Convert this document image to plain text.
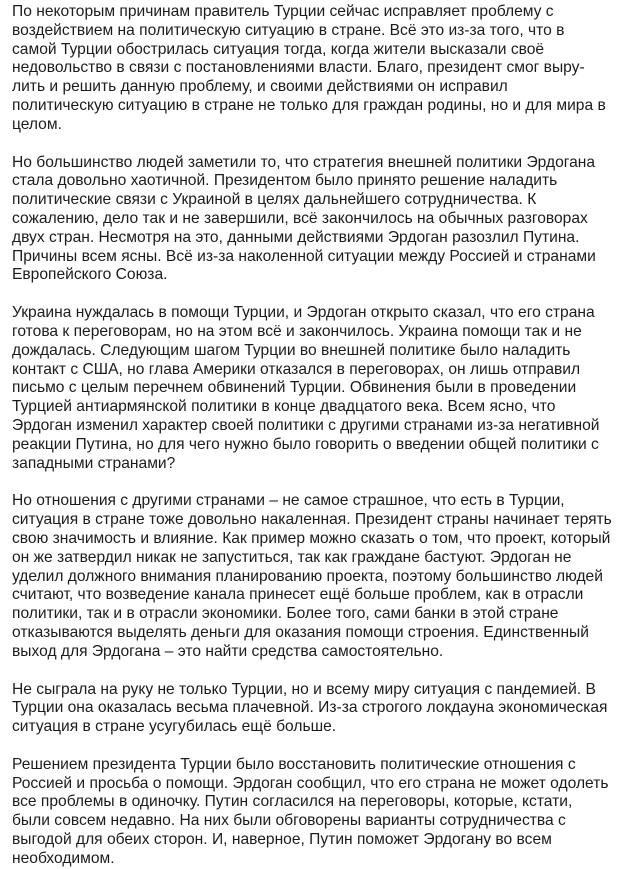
По некоторым причинам правитель Турции сейчас исправляет проблему с воздействием на политическую ситуацию в стране. Всё это из-за того, что в самой Турции обострилась ситуация тогда, когда жители высказали своё недовольство в связи с постановлениями власти. Благо, президент смог вырулить и решить данную проблему, и своими действиями он исправил политическую ситуацию в стране не только для граждан родины, но и для мира в целом.

Но большинство людей заметили то, что стратегия внешней политики Эрдогана стала довольно хаотичной. Президентом было принято решение наладить политические связи с Украиной в целях дальнейшего сотрудничества. К сожалению, дело так и не завершили, всё закончилось на обычных разговорах двух стран. Несмотря на это, данными действиями Эрдоган разозлил Путина. Причины всем ясны. Всё из-за наколенной ситуации между Россией и странами Европейского Союза.

Украина нуждалась в помощи Турции, и Эрдоган открыто сказал, что его страна готова к переговорам, но на этом всё и закончилось. Украина помощи так и не дождалась. Следующим шагом Турции во внешней политике было наладить контакт с США, но глава Америки отказался в переговорах, он лишь отправил письмо с целым перечнем обвинений Турции. Обвинения были в проведении Турцией антиармянской политики в конце двадцатого века. Всем ясно, что Эрдоган изменил характер своей политики с другими странами из-за негативной реакции Путина, но для чего нужно было говорить о введении общей политики с западными странами?

Но отношения с другими странами – не самое страшное, что есть в Турции, ситуация в стране тоже довольно накаленная. Президент страны начинает терять свою значимость и влияние. Как пример можно сказать о том, что проект, который он же затвердил никак не запуститься, так как граждане бастуют. Эрдоган не уделил должного внимания планированию проекта, поэтому большинство людей считают, что возведение канала принесет ещё больше проблем, как в отрасли политики, так и в отрасли экономики. Более того, сами банки в этой стране отказываются выделять деньги для оказания помощи строения. Единственный выход для Эрдогана – это найти средства самостоятельно.

Не сыграла на руку не только Турции, но и всему миру ситуация с пандемией. В Турции она оказалась весьма плачевной. Из-за строгого локдауна экономическая ситуация в стране усугубилась ещё больше.

Решением президента Турции было восстановить политические отношения с Россией и просьба о помощи. Эрдоган сообщил, что его страна не может одолеть все проблемы в одиночку. Путин согласился на переговоры, которые, кстати, были совсем недавно. На них были обговорены варианты сотрудничества с выгодой для обеих сторон. И, наверное, Путин поможет Эрдогану во всем необходимом.
